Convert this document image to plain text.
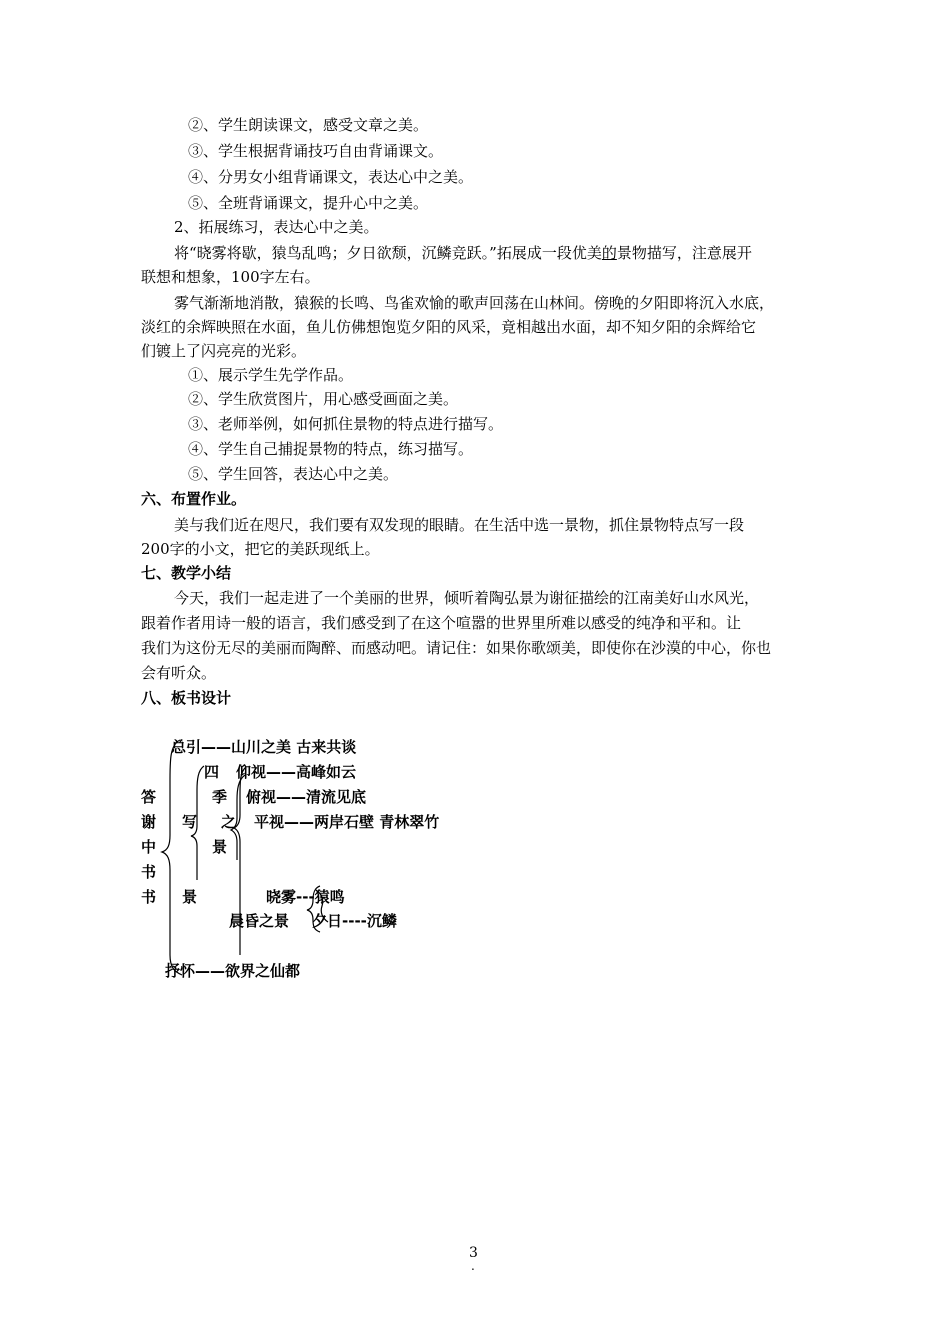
②、学生朗读课文，感受文章之美。
③、学生根据背诵技巧自由背诵课文。
④、分男女小组背诵课文，表达心中之美。
⑤、全班背诵课文，提升心中之美。
2、拓展练习，表达心中之美。
将“晓雾将歇，猿鸟乱鸣；夕日欲颓，沉鳞竞跃。”拓展成一段优美的景物描写，注意展开
联想和想象，100字左右。
雾气渐渐地消散，猿猴的长鸣、鸟雀欢愉的歌声回荡在山林间。傍晚的夕阳即将沉入水底，
淡红的余辉映照在水面，鱼儿仿佛想饱览夕阳的风采，竟相越出水面，却不知夕阳的余辉给它
们镀上了闪亮亮的光彩。
①、展示学生先学作品。
②、学生欣赏图片，用心感受画面之美。
③、老师举例，如何抓住景物的特点进行描写。
④、学生自己捕捉景物的特点，练习描写。
⑤、学生回答，表达心中之美。
六、布置作业。
美与我们近在咫尺，我们要有双发现的眼睛。在生活中选一景物，抓住景物特点写一段
200字的小文，把它的美跃现纸上。
七、教学小结
今天，我们一起走进了一个美丽的世界，倾听着陶弘景为谢征描绘的江南美好山水风光，
跟着作者用诗一般的语言，我们感受到了在这个喧嚣的世界里所难以感受的纯净和平和。让
我们为这份无尽的美丽而陶醉、而感动吧。请记住：如果你歌颂美，即使你在沙漠的中心，你也
会有听众。
八、板书设计
总引——山川之美 古来共谈
答
谢
中
书
书
写
景
四
季
之
景
仰视——高峰如云
俯视——清流见底
平视——两岸石壁 青林翠竹
晓雾---猿鸣
晨昏之景 夕日----沉鳞
抒怀——欲界之仙都
3
.
